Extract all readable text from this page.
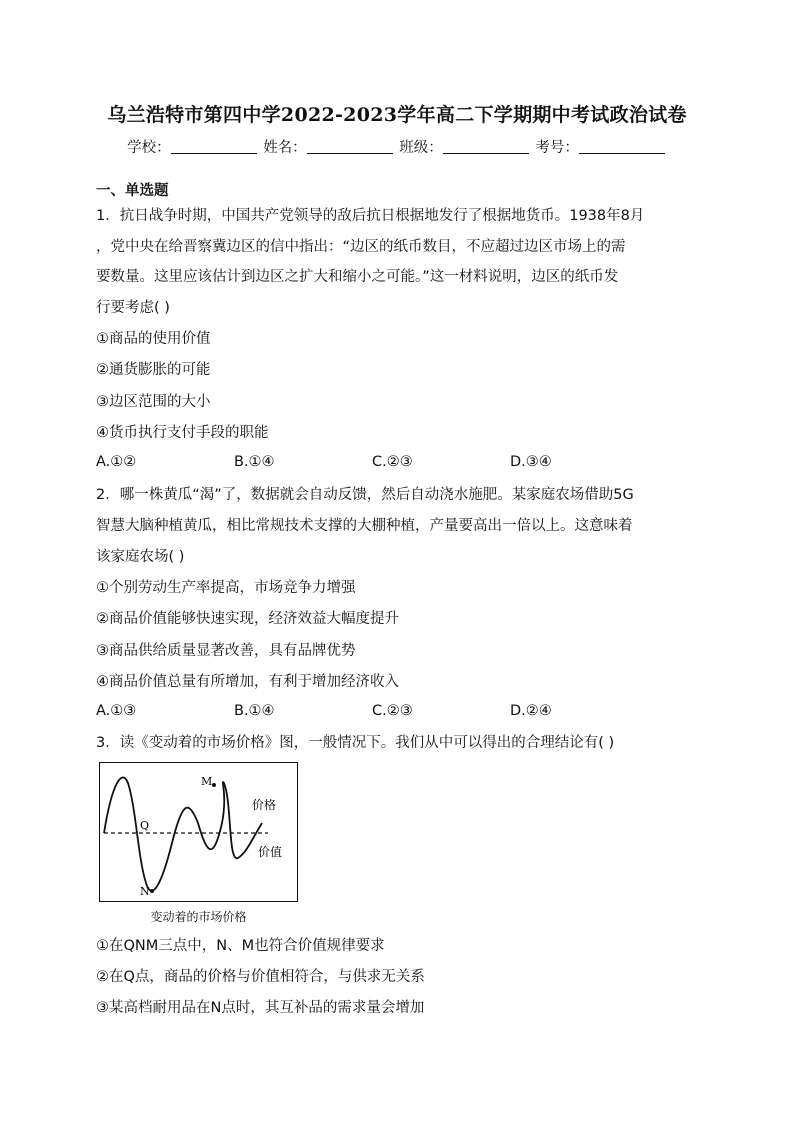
乌兰浩特市第四中学2022-2023学年高二下学期期中考试政治试卷
学校：	姓名：	班级：	考号：
一、单选题
1．抗日战争时期，中国共产党领导的敌后抗日根据地发行了根据地货币。1938年8月
，党中央在给晋察冀边区的信中指出：“边区的纸币数目，不应超过边区市场上的需
要数量。这里应该估计到边区之扩大和缩小之可能。”这一材料说明，边区的纸币发
行要考虑( )
①商品的使用价值
②通货膨胀的可能
③边区范围的大小
④货币执行支付手段的职能
A.①②	B.①④	C.②③	D.③④
2．哪一株黄瓜“渴”了，数据就会自动反馈，然后自动浇水施肥。某家庭农场借助5G
智慧大脑种植黄瓜，相比常规技术支撑的大棚种植，产量要高出一倍以上。这意味着
该家庭农场( )
①个别劳动生产率提高，市场竞争力增强
②商品价值能够快速实现，经济效益大幅度提升
③商品供给质量显著改善，具有品牌优势
④商品价值总量有所增加，有利于增加经济收入
A.①③	B.①④	C.②③	D.②④
3．读《变动着的市场价格》图，一般情况下。我们从中可以得出的合理结论有( )
Q
N
M
价格
价值
变动着的市场价格
①在QNM三点中，N、M也符合价值规律要求
②在Q点，商品的价格与价值相符合，与供求无关系
③某高档耐用品在N点时，其互补品的需求量会增加
